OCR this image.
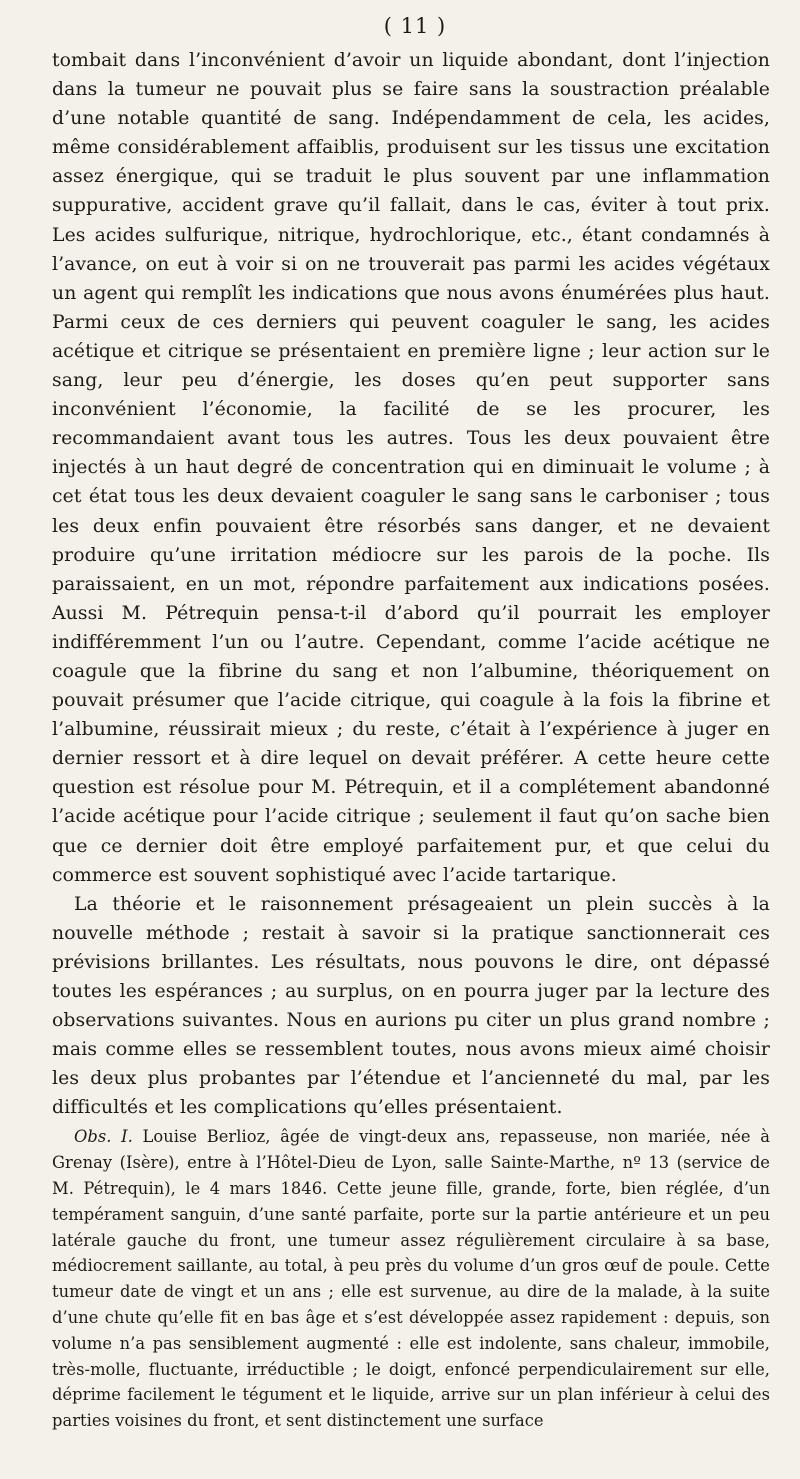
( 11 )

tombait dans l’inconvénient d’avoir un liquide abondant, dont l’injection dans la tumeur ne pouvait plus se faire sans la soustraction préalable d’une notable quantité de sang. Indépendamment de cela, les acides, même considérablement affaiblis, produisent sur les tissus une excitation assez énergique, qui se traduit le plus souvent par une inflammation suppurative, accident grave qu’il fallait, dans le cas, éviter à tout prix. Les acides sulfurique, nitrique, hydrochlorique, etc., étant condamnés à l’avance, on eut à voir si on ne trouverait pas parmi les acides végétaux un agent qui remplît les indications que nous avons énumérées plus haut. Parmi ceux de ces derniers qui peuvent coaguler le sang, les acides acétique et citrique se présentaient en première ligne ; leur action sur le sang, leur peu d’énergie, les doses qu’en peut supporter sans inconvénient l’économie, la facilité de se les procurer, les recommandaient avant tous les autres. Tous les deux pouvaient être injectés à un haut degré de concentration qui en diminuait le volume ; à cet état tous les deux devaient coaguler le sang sans le carboniser ; tous les deux enfin pouvaient être résorbés sans danger, et ne devaient produire qu’une irritation médiocre sur les parois de la poche. Ils paraissaient, en un mot, répondre parfaitement aux indications posées. Aussi M. Pétrequin pensa-t-il d’abord qu’il pourrait les employer indifféremment l’un ou l’autre. Cependant, comme l’acide acétique ne coagule que la fibrine du sang et non l’albumine, théoriquement on pouvait présumer que l’acide citrique, qui coagule à la fois la fibrine et l’albumine, réussirait mieux ; du reste, c’était à l’expérience à juger en dernier ressort et à dire lequel on devait préférer. A cette heure cette question est résolue pour M. Pétrequin, et il a complétement abandonné l’acide acétique pour l’acide citrique ; seulement il faut qu’on sache bien que ce dernier doit être employé parfaitement pur, et que celui du commerce est souvent sophistiqué avec l’acide tartarique.

La théorie et le raisonnement présageaient un plein succès à la nouvelle méthode ; restait à savoir si la pratique sanctionnerait ces prévisions brillantes. Les résultats, nous pouvons le dire, ont dépassé toutes les espérances ; au surplus, on en pourra juger par la lecture des observations suivantes. Nous en aurions pu citer un plus grand nombre ; mais comme elles se ressemblent toutes, nous avons mieux aimé choisir les deux plus probantes par l’étendue et l’ancienneté du mal, par les difficultés et les complications qu’elles présentaient.

Obs. I. Louise Berlioz, âgée de vingt-deux ans, repasseuse, non mariée, née à Grenay (Isère), entre à l’Hôtel-Dieu de Lyon, salle Sainte-Marthe, nº 13 (service de M. Pétrequin), le 4 mars 1846. Cette jeune fille, grande, forte, bien réglée, d’un tempérament sanguin, d’une santé parfaite, porte sur la partie antérieure et un peu latérale gauche du front, une tumeur assez régulièrement circulaire à sa base, médiocrement saillante, au total, à peu près du volume d’un gros œuf de poule. Cette tumeur date de vingt et un ans ; elle est survenue, au dire de la malade, à la suite d’une chute qu’elle fit en bas âge et s’est développée assez rapidement : depuis, son volume n’a pas sensiblement augmenté : elle est indolente, sans chaleur, immobile, très-molle, fluctuante, irréductible ; le doigt, enfoncé perpendiculairement sur elle, déprime facilement le tégument et le liquide, arrive sur un plan inférieur à celui des parties voisines du front, et sent distinctement une surface
